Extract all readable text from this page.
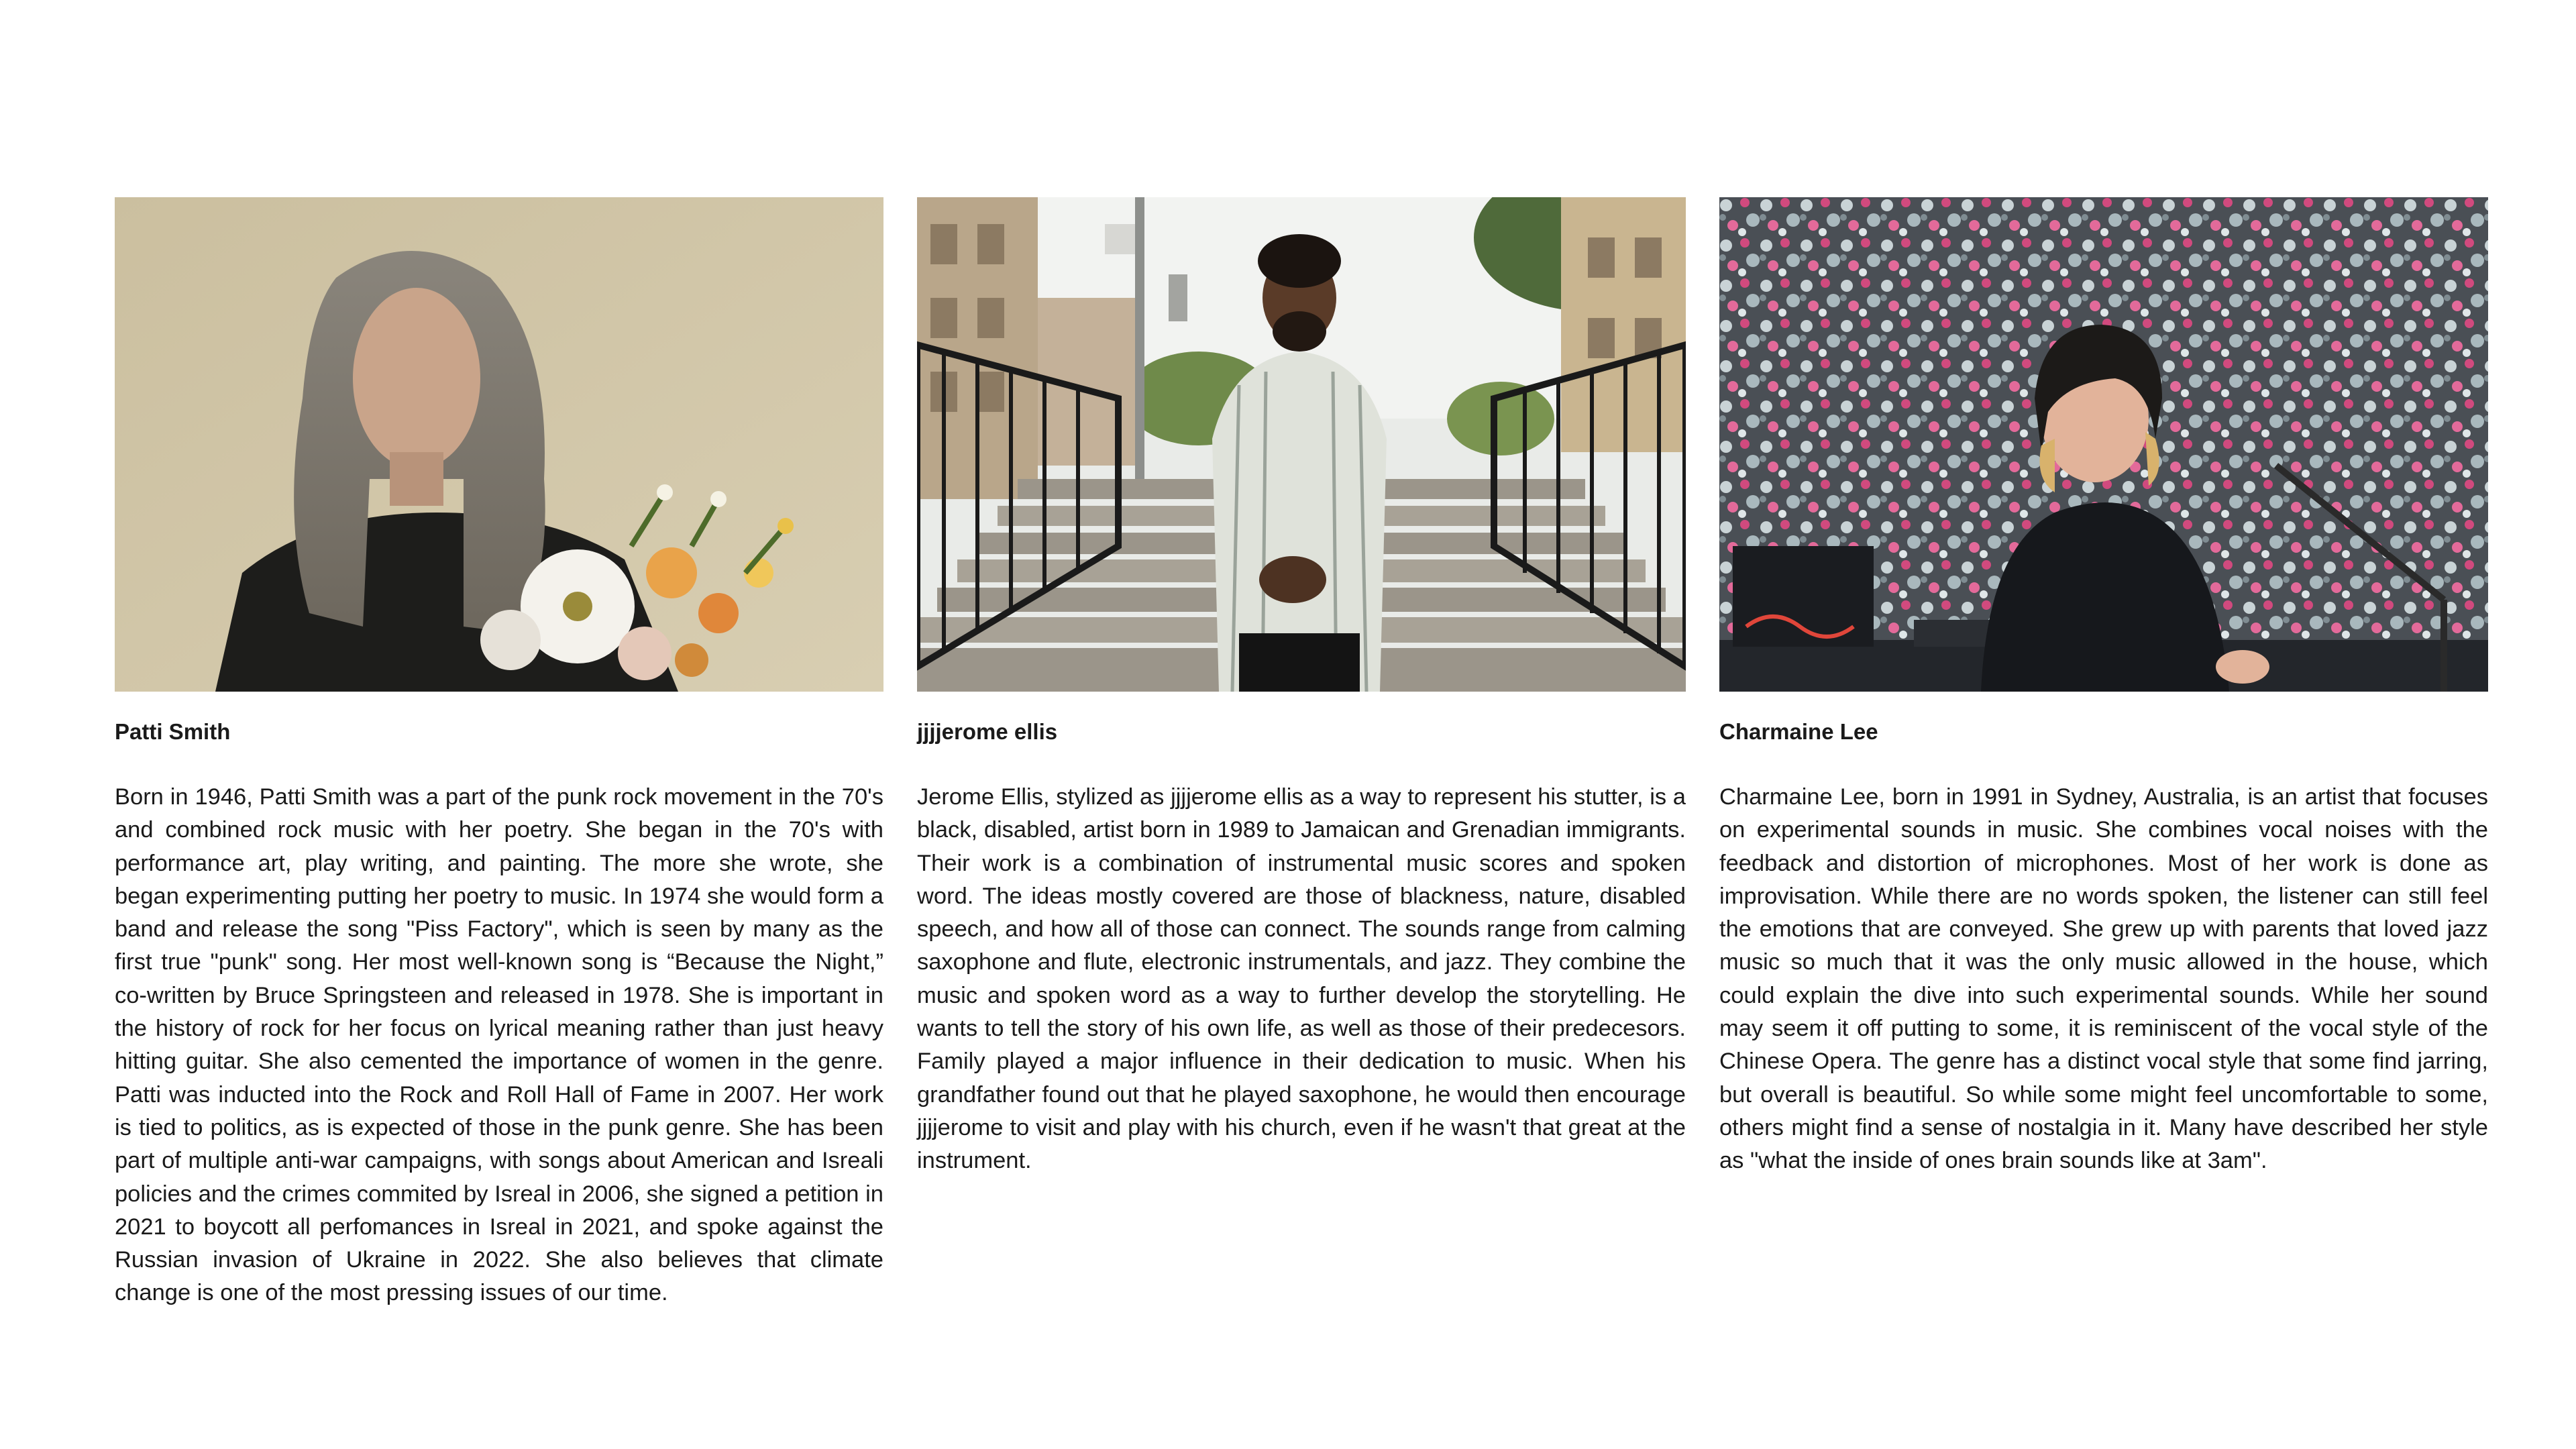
Patti Smith
Born in 1946, Patti Smith was a part of the punk rock movement in the 70's and combined rock music with her poetry. She began in the 70's with performance art, play writing, and painting. The more she wrote, she began experimenting putting her poetry to music. In 1974 she would form a band and release the song "Piss Factory", which is seen by many as the first true "punk" song. Her most well-known song is “Because the Night,” co-written by Bruce Springsteen and released in 1978. She is important in the history of rock for her focus on lyrical meaning rather than just heavy hitting guitar. She also cemented the importance of women in the genre. Patti was inducted into the Rock and Roll Hall of Fame in 2007. Her work is tied to politics, as is expected of those in the punk genre. She has been part of multiple anti-war campaigns, with songs about American and Isreali policies and the crimes commited by Isreal in 2006, she signed a petition in 2021 to boycott all perfomances in Isreal in 2021, and spoke against the Russian invasion of Ukraine in 2022. She also believes that climate change is one of the most pressing issues of our time.
jjjjerome ellis
Jerome Ellis, stylized as jjjjerome ellis as a way to represent his stutter, is a black, disabled, artist born in 1989 to Jamaican and Grenadian immigrants. Their work is a combination of instrumental music scores and spoken word. The ideas mostly covered are those of blackness, nature, disabled speech, and how all of those can connect. The sounds range from calming saxophone and flute, electronic instrumentals, and jazz. They combine the music and spoken word as a way to further develop the storytelling. He wants to tell the story of his own life, as well as those of their predecesors. Family played a major influence in their dedication to music. When his grandfather found out that he played saxophone, he would then encourage jjjjerome to visit and play with his church, even if he wasn't that great at the instrument.
Charmaine Lee
Charmaine Lee, born in 1991 in Sydney, Australia, is an artist that focuses on experimental sounds in music. She combines vocal noises with the feedback and distortion of microphones. Most of her work is done as improvisation. While there are no words spoken, the listener can still feel the emotions that are conveyed. She grew up with parents that loved jazz music so much that it was the only music allowed in the house, which could explain the dive into such experimental sounds. While her sound may seem it off putting to some, it is reminiscent of the vocal style of the Chinese Opera. The genre has a distinct vocal style that some find jarring, but overall is beautiful. So while some might feel uncomfortable to some, others might find a sense of nostalgia in it. Many have described her style as "what the inside of ones brain sounds like at 3am".
